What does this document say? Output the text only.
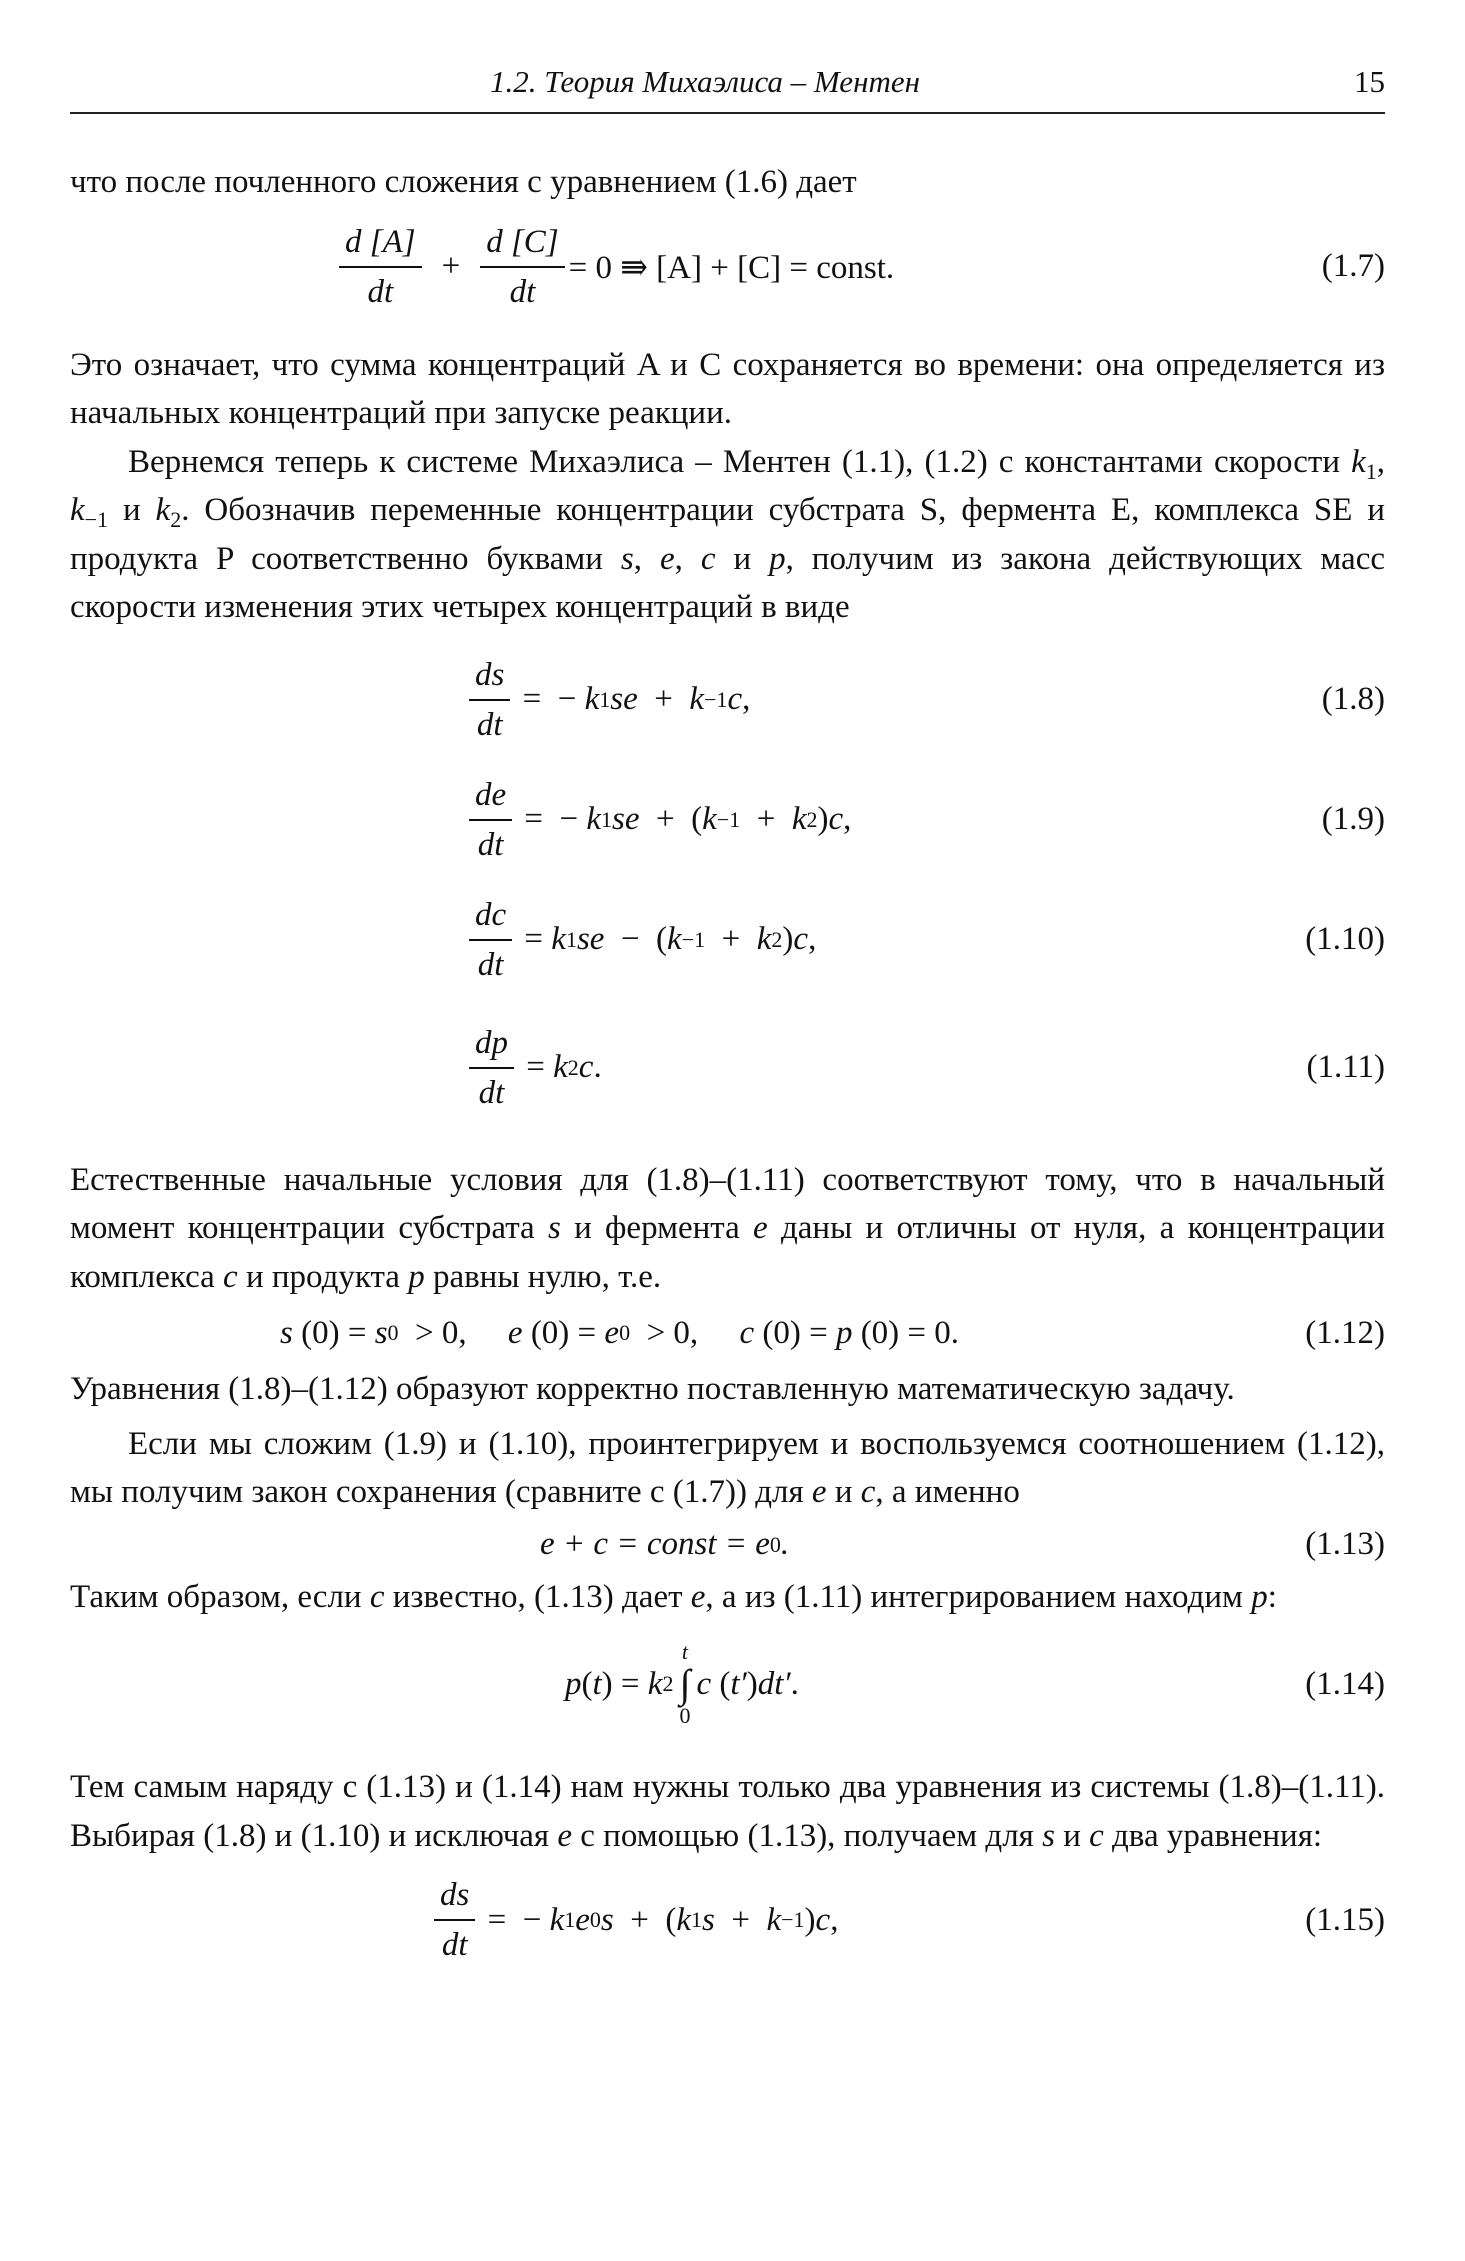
1.2. Теория Михаэлиса – Ментен	15

что после почленного сложения с уравнением (1.6) дает

$\frac{d [A]}{dt} + \frac{d [C]}{dt} = 0$ ⇛ [A] + [C] = const.	(1.7)

Это означает, что сумма концентраций A и C сохраняется во времени: она определяется из начальных концентраций при запуске реакции.

Вернемся теперь к системе Михаэлиса – Ментен (1.1), (1.2) с константами скорости $k_1$, $k_{-1}$ и $k_2$. Обозначив переменные концентрации субстрата S, фермента E, комплекса SE и продукта P соответственно буквами s, e, c и p, получим из закона действующих масс скорости изменения этих четырех концентраций в виде

$\frac{ds}{dt}$ =  − k 1 se + k −1 c ,	(1.8)
$\frac{de}{dt}$ =  − k 1 se +  ( k −1 + k 2 ) c ,	(1.9)
$\frac{dc}{dt} = k$ 1 se −  ( k −1 + k 2 ) c ,	(1.10)
$\frac{dp}{dt} = k$ 2 c .	(1.11)

Естественные начальные условия для (1.8)–(1.11) соответствуют тому, что в начальный момент концентрации субстрата s и фермента e даны и отличны от нуля, а концентрации комплекса c и продукта p равны нулю, т.е.

s (0) = s 0 > 0, e (0) = e 0 > 0, c (0) = p (0) = 0.	(1.12)

Уравнения (1.8)–(1.12) образуют корректно поставленную математическую задачу.

Если мы сложим (1.9) и (1.10), проинтегрируем и воспользуемся соотношением (1.12), мы получим закон сохранения (сравните с (1.7)) для e и c, а именно

e + c = const = e 0 .	(1.13)

Таким образом, если c известно, (1.13) дает e, а из (1.11) интегрированием находим p:

p ( t ) = k 2
t
∫
0
c ( t′ ) dt′ .	(1.14)

Тем самым наряду с (1.13) и (1.14) нам нужны только два уравнения из системы (1.8)–(1.11). Выбирая (1.8) и (1.10) и исключая e с помощью (1.13), получаем для s и c два уравнения:

$\frac{ds}{dt}$ =  − k 1 e 0 s +  ( k 1 s + k −1 ) c ,	(1.15)
